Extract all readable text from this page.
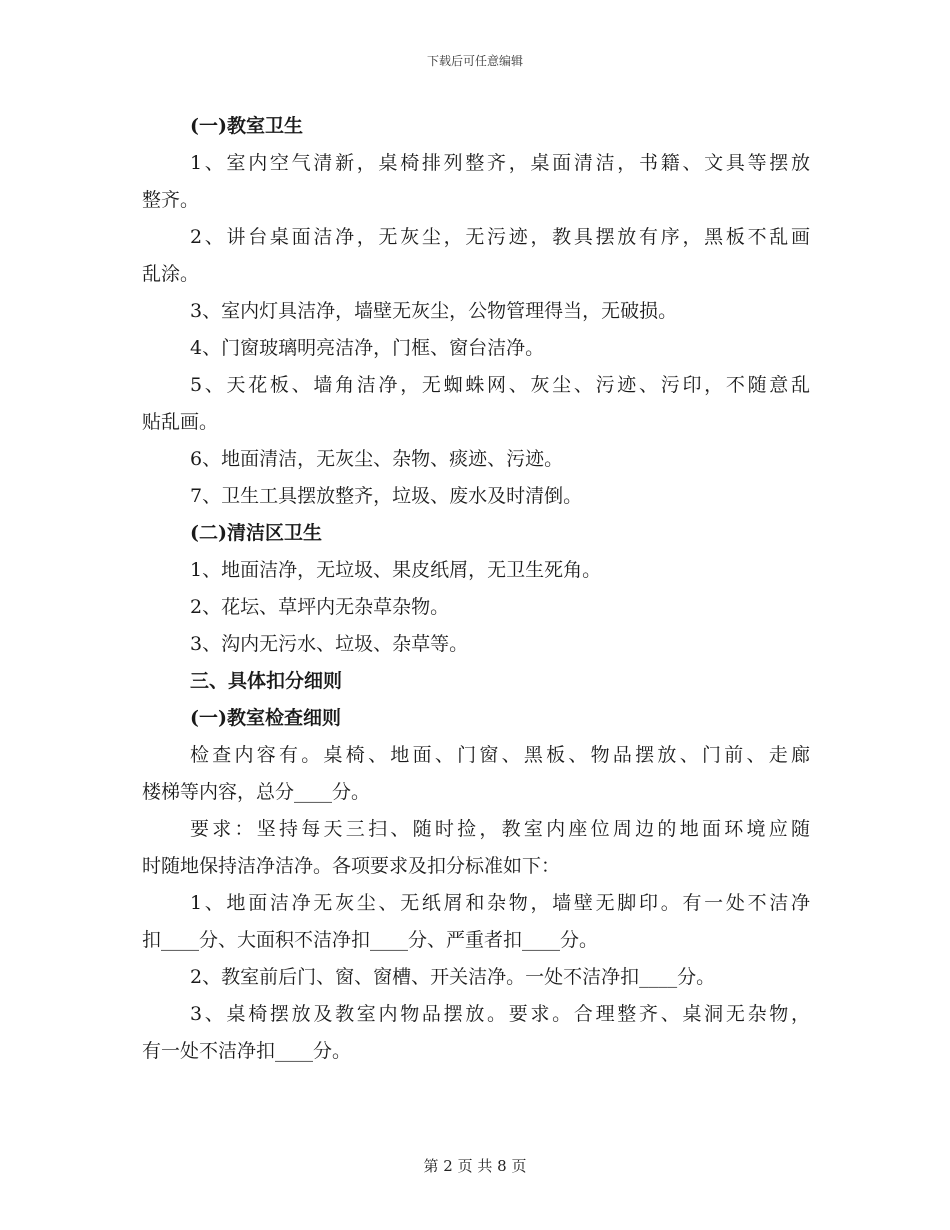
下载后可任意编辑
(一)教室卫生
1、室内空气清新，桌椅排列整齐，桌面清洁，书籍、文具等摆放
整齐。
2、讲台桌面洁净，无灰尘，无污迹，教具摆放有序，黑板不乱画
乱涂。
3、室内灯具洁净，墙壁无灰尘，公物管理得当，无破损。
4、门窗玻璃明亮洁净，门框、窗台洁净。
5、天花板、墙角洁净，无蜘蛛网、灰尘、污迹、污印，不随意乱
贴乱画。
6、地面清洁，无灰尘、杂物、痰迹、污迹。
7、卫生工具摆放整齐，垃圾、废水及时清倒。
(二)清洁区卫生
1、地面洁净，无垃圾、果皮纸屑，无卫生死角。
2、花坛、草坪内无杂草杂物。
3、沟内无污水、垃圾、杂草等。
三、具体扣分细则
(一)教室检查细则
检查内容有。桌椅、地面、门窗、黑板、物品摆放、门前、走廊
楼梯等内容，总分____分。
要求：坚持每天三扫、随时捡，教室内座位周边的地面环境应随
时随地保持洁净洁净。各项要求及扣分标准如下：
1、地面洁净无灰尘、无纸屑和杂物，墙壁无脚印。有一处不洁净
扣____分、大面积不洁净扣____分、严重者扣____分。
2、教室前后门、窗、窗槽、开关洁净。一处不洁净扣____分。
3、桌椅摆放及教室内物品摆放。要求。合理整齐、桌洞无杂物，
有一处不洁净扣____分。
第 2 页 共 8 页
